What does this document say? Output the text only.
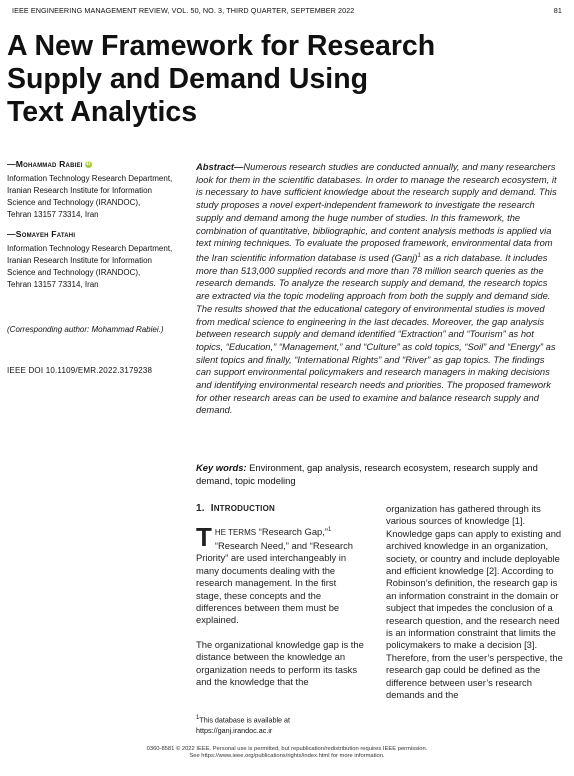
IEEE ENGINEERING MANAGEMENT REVIEW, VOL. 50, NO. 3, THIRD QUARTER, SEPTEMBER 2022	81
A New Framework for Research
Supply and Demand Using
Text Analytics
—Mohammad Rabiei iD
Information Technology Research Department,
Iranian Research Institute for Information
Science and Technology (IRANDOC),
Tehran 13157 73314, Iran
—Somayeh Fatahi
Information Technology Research Department,
Iranian Research Institute for Information
Science and Technology (IRANDOC),
Tehran 13157 73314, Iran
(Corresponding author: Mohammad Rabiei.)
IEEE DOI 10.1109/EMR.2022.3179238
Abstract—Numerous research studies are conducted annually, and many researchers look for them in the scientific databases. In order to manage the research ecosystem, it is necessary to have sufficient knowledge about the research supply and demand. This study proposes a novel expert-independent framework to investigate the research supply and demand among the huge number of studies. In this framework, the combination of quantitative, bibliographic, and content analysis methods is applied via text mining techniques. To evaluate the proposed framework, environmental data from the Iran scientific information database is used (Ganj)$^1$ as a rich database. It includes more than 513,000 supplied records and more than 78 million search queries as the research demands. To analyze the research supply and demand, the research topics are extracted via the topic modeling approach from both the supply and demand side. The results showed that the educational category of environmental studies is moved from medical science to engineering in the last decades. Moreover, the gap analysis between research supply and demand identified “Extraction” and “Tourism” as hot topics, “Education,” “Management,” and “Culture” as cold topics, “Soil” and “Energy” as silent topics and finally, “International Rights” and “River” as gap topics. The findings can support environmental policymakers and research managers in making decisions and identifying environmental research needs and priorities. The proposed framework for other research areas can be used to examine and balance research supply and demand.
Key words: Environment, gap analysis, research ecosystem, research supply and demand, topic modeling
1. INTRODUCTION
THE TERMS “Research Gap,”$^1$ “Research Need,” and “Research Priority” are used interchangeably in many documents dealing with the research management. In the first stage, these concepts and the differences between them must be explained.
The organizational knowledge gap is the distance between the knowledge an organization needs to perform its tasks and the knowledge that the
organization has gathered through its various sources of knowledge [1]. Knowledge gaps can apply to existing and archived knowledge in an organization, society, or country and include deployable and efficient knowledge [2]. According to Robinson’s definition, the research gap is an information constraint in the domain or subject that impedes the conclusion of a research question, and the research need is an information constraint that limits the policymakers to make a decision [3]. Therefore, from the user’s perspective, the research gap could be defined as the difference between user’s research demands and the
$^1$This database is available at https://ganj.irandoc.ac.ir
0360-8581 © 2022 IEEE. Personal use is permitted, but republication/redistribution requires IEEE permission.
See https://www.ieee.org/publications/rights/index.html for more information.
